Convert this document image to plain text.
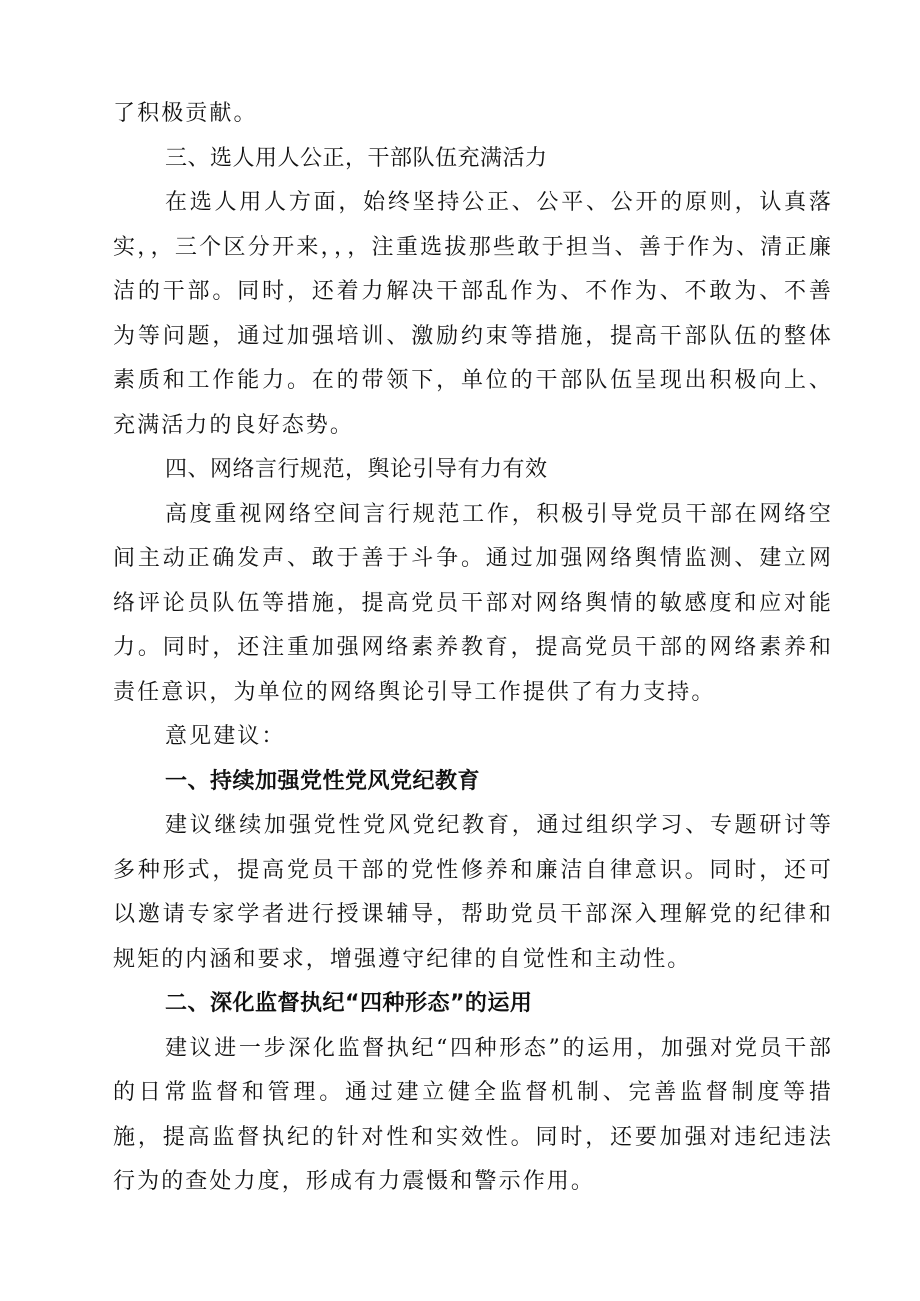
了积极贡献。

三、选人用人公正，干部队伍充满活力

在选人用人方面，始终坚持公正、公平、公开的原则，认真落实，，三个区分开来，，，注重选拔那些敢于担当、善于作为、清正廉洁的干部。同时，还着力解决干部乱作为、不作为、不敢为、不善为等问题，通过加强培训、激励约束等措施，提高干部队伍的整体素质和工作能力。在的带领下，单位的干部队伍呈现出积极向上、充满活力的良好态势。

四、网络言行规范，舆论引导有力有效

高度重视网络空间言行规范工作，积极引导党员干部在网络空间主动正确发声、敢于善于斗争。通过加强网络舆情监测、建立网络评论员队伍等措施，提高党员干部对网络舆情的敏感度和应对能力。同时，还注重加强网络素养教育，提高党员干部的网络素养和责任意识，为单位的网络舆论引导工作提供了有力支持。

意见建议：

一、持续加强党性党风党纪教育

建议继续加强党性党风党纪教育，通过组织学习、专题研讨等多种形式，提高党员干部的党性修养和廉洁自律意识。同时，还可以邀请专家学者进行授课辅导，帮助党员干部深入理解党的纪律和规矩的内涵和要求，增强遵守纪律的自觉性和主动性。

二、深化监督执纪“四种形态”的运用

建议进一步深化监督执纪“四种形态”的运用，加强对党员干部的日常监督和管理。通过建立健全监督机制、完善监督制度等措施，提高监督执纪的针对性和实效性。同时，还要加强对违纪违法行为的查处力度，形成有力震慑和警示作用。
